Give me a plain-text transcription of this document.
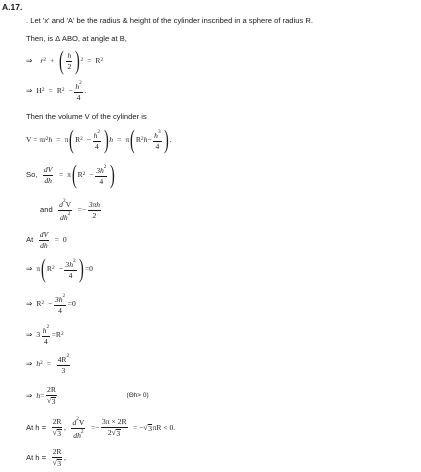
A.17.
. Let 'x' and 'A' be the radius & height of the cylinder inscribed in a sphere of radius R.
Then, is Δ ABO, at angle at B,
⇒ r 2 + ( $\frac{h}{2}$ ) 2 = R 2
⇒ H 2 = R $2 - \frac{h^2}{4}$ .
Then the volume V of the cylinder is
V = πr 2 h = π ( R $2 - \frac{h^2}{4}$ ) h = π ( R 2 $h - \frac{h^3}{4}$ ) .
So, $\frac{dV}{dh} = \pi$ ( R $2 - \frac{3h^2}{4}$ )
and $\frac{d^2V}{dh^2}$ = − $\frac{3\pi h}{2}$
At $\frac{dV}{dh} = 0$
⇒ π ( R $2 - \frac{3h^2}{4}$ ) = 0
⇒ R $2 - \frac{3h^2}{4} = 0$
⇒ $3 \frac{h^2}{4} = R$ 2
⇒ h $2 = \frac{4R^2}{3}$
⇒ $h = \frac{2R}{√ 3}$	(Θh> 0)
At $h = \frac{2R}{√ 3}$ , $\frac{d^2V}{dh^2}$ = − $\frac{3\pi \times 2R}{2 √ 3}$ = − √ 3 πR < 0.
At $h = \frac{2R}{√ 3}$ ,
